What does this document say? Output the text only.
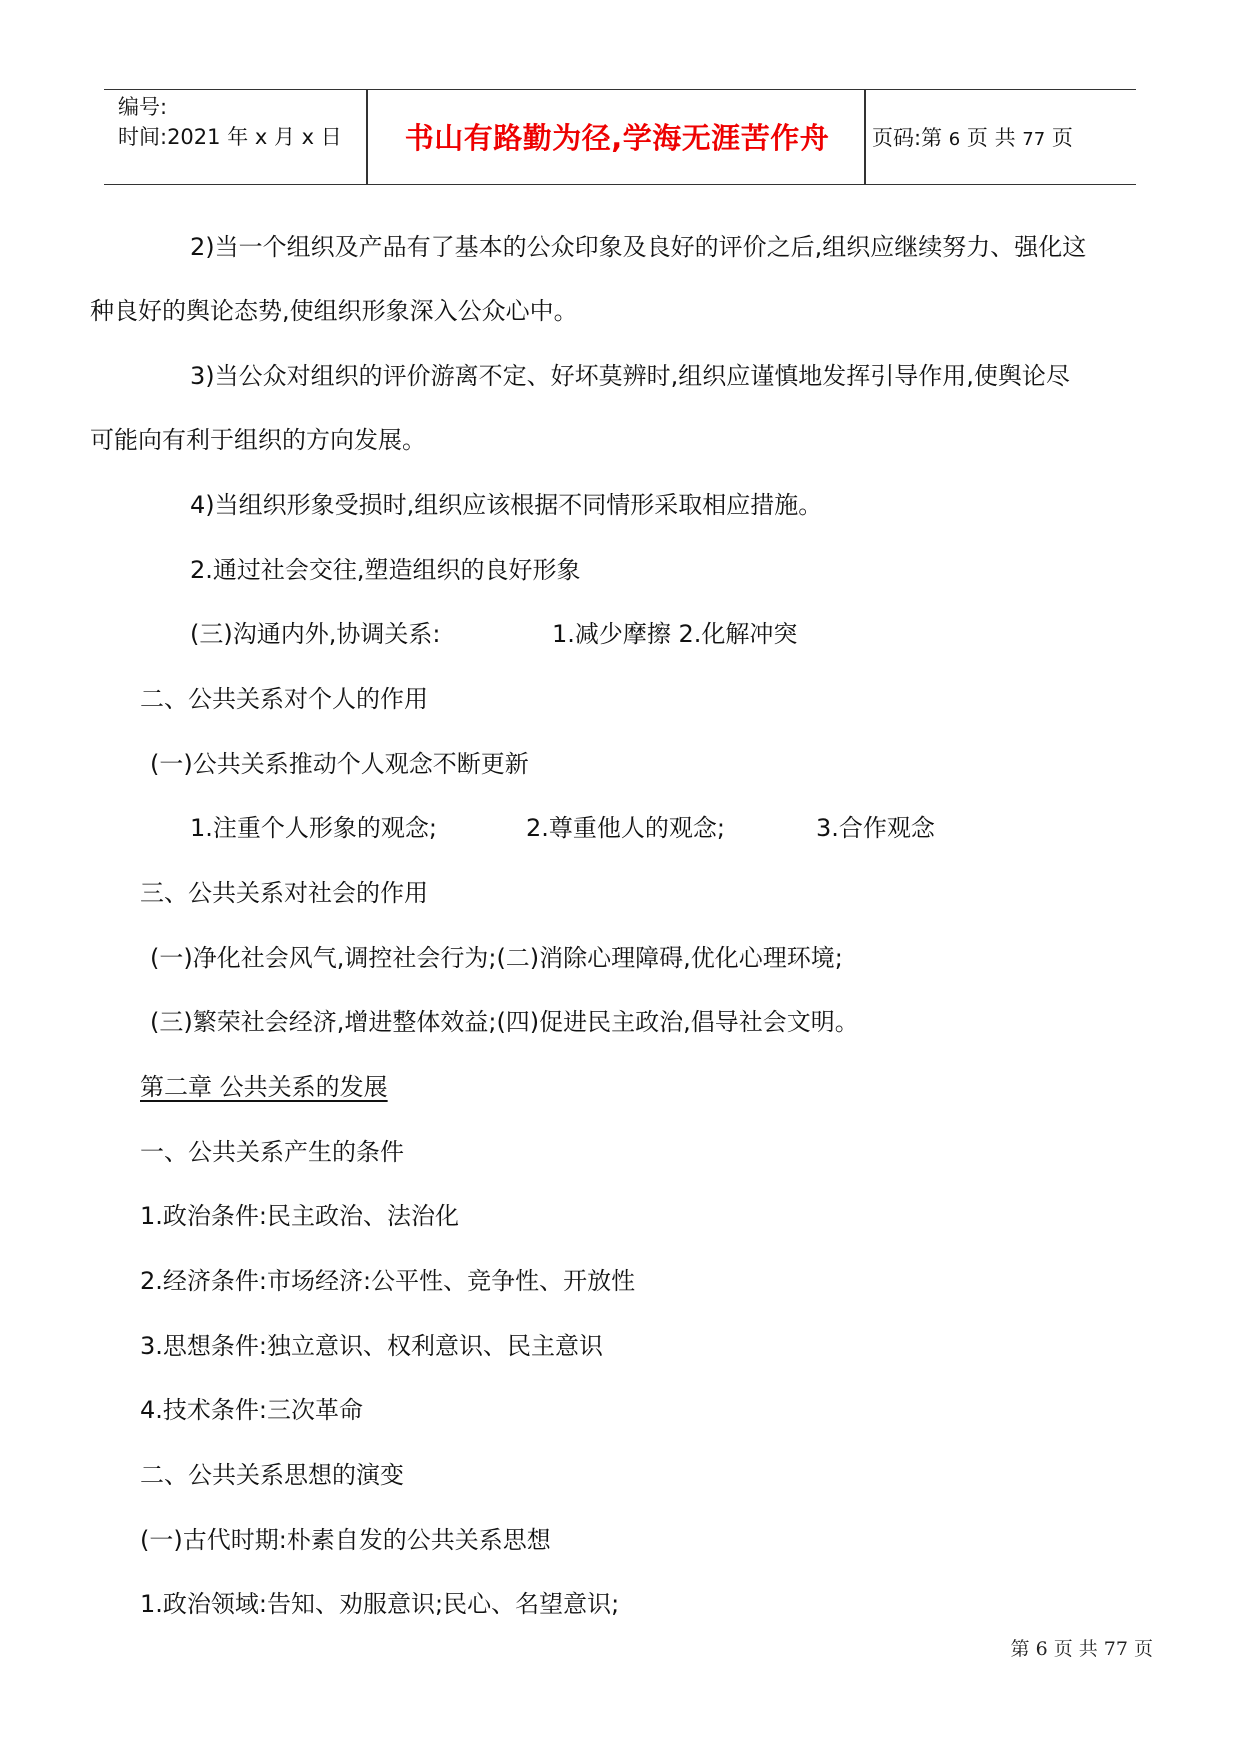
编号:
时间:2021 年 x 月 x 日	书山有路勤为径,学海无涯苦作舟	页码:第 6 页 共 77 页
2)当一个组织及产品有了基本的公众印象及良好的评价之后,组织应继续努力、强化这
种良好的舆论态势,使组织形象深入公众心中。
3)当公众对组织的评价游离不定、好坏莫辨时,组织应谨慎地发挥引导作用,使舆论尽
可能向有利于组织的方向发展。
4)当组织形象受损时,组织应该根据不同情形采取相应措施。
2.通过社会交往,塑造组织的良好形象
(三)沟通内外,协调关系:	1.减少摩擦 2.化解冲突
二、公共关系对个人的作用
(一)公共关系推动个人观念不断更新
1.注重个人形象的观念;	2.尊重他人的观念;	3.合作观念
三、公共关系对社会的作用
(一)净化社会风气,调控社会行为;(二)消除心理障碍,优化心理环境;
(三)繁荣社会经济,增进整体效益;(四)促进民主政治,倡导社会文明。
第二章 公共关系的发展
一、公共关系产生的条件
1.政治条件:民主政治、法治化
2.经济条件:市场经济:公平性、竞争性、开放性
3.思想条件:独立意识、权利意识、民主意识
4.技术条件:三次革命
二、公共关系思想的演变
(一)古代时期:朴素自发的公共关系思想
1.政治领域:告知、劝服意识;民心、名望意识;
第 6 页 共 77 页
